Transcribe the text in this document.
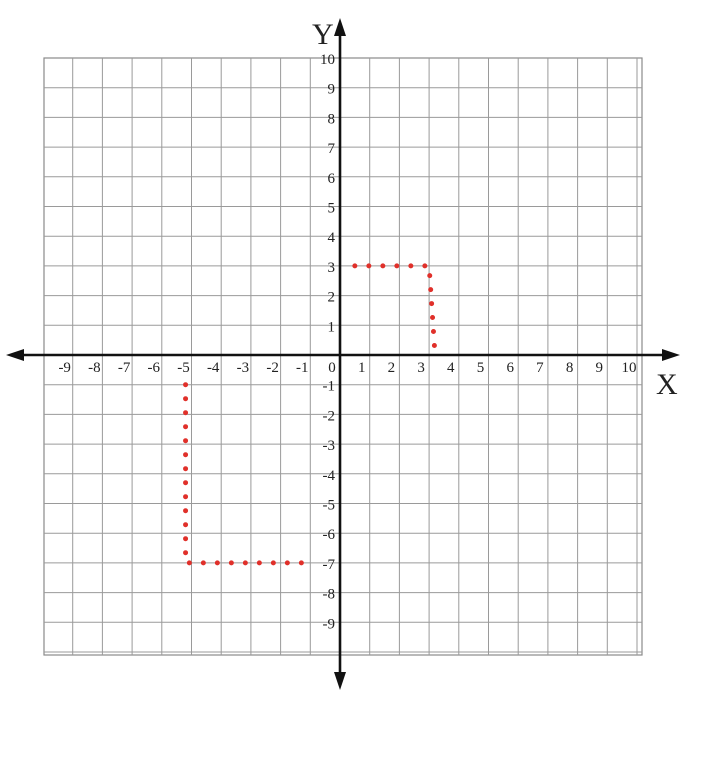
-9 -8 -7 -6 -5 -4 -3 -2 -1 0 1 2 3 4 5 6 7 8 9 10
10
9
8
7
6
5
4
3
2
1
-1
-2
-3
-4
-5
-6
-7
-8
-9
Y
X
